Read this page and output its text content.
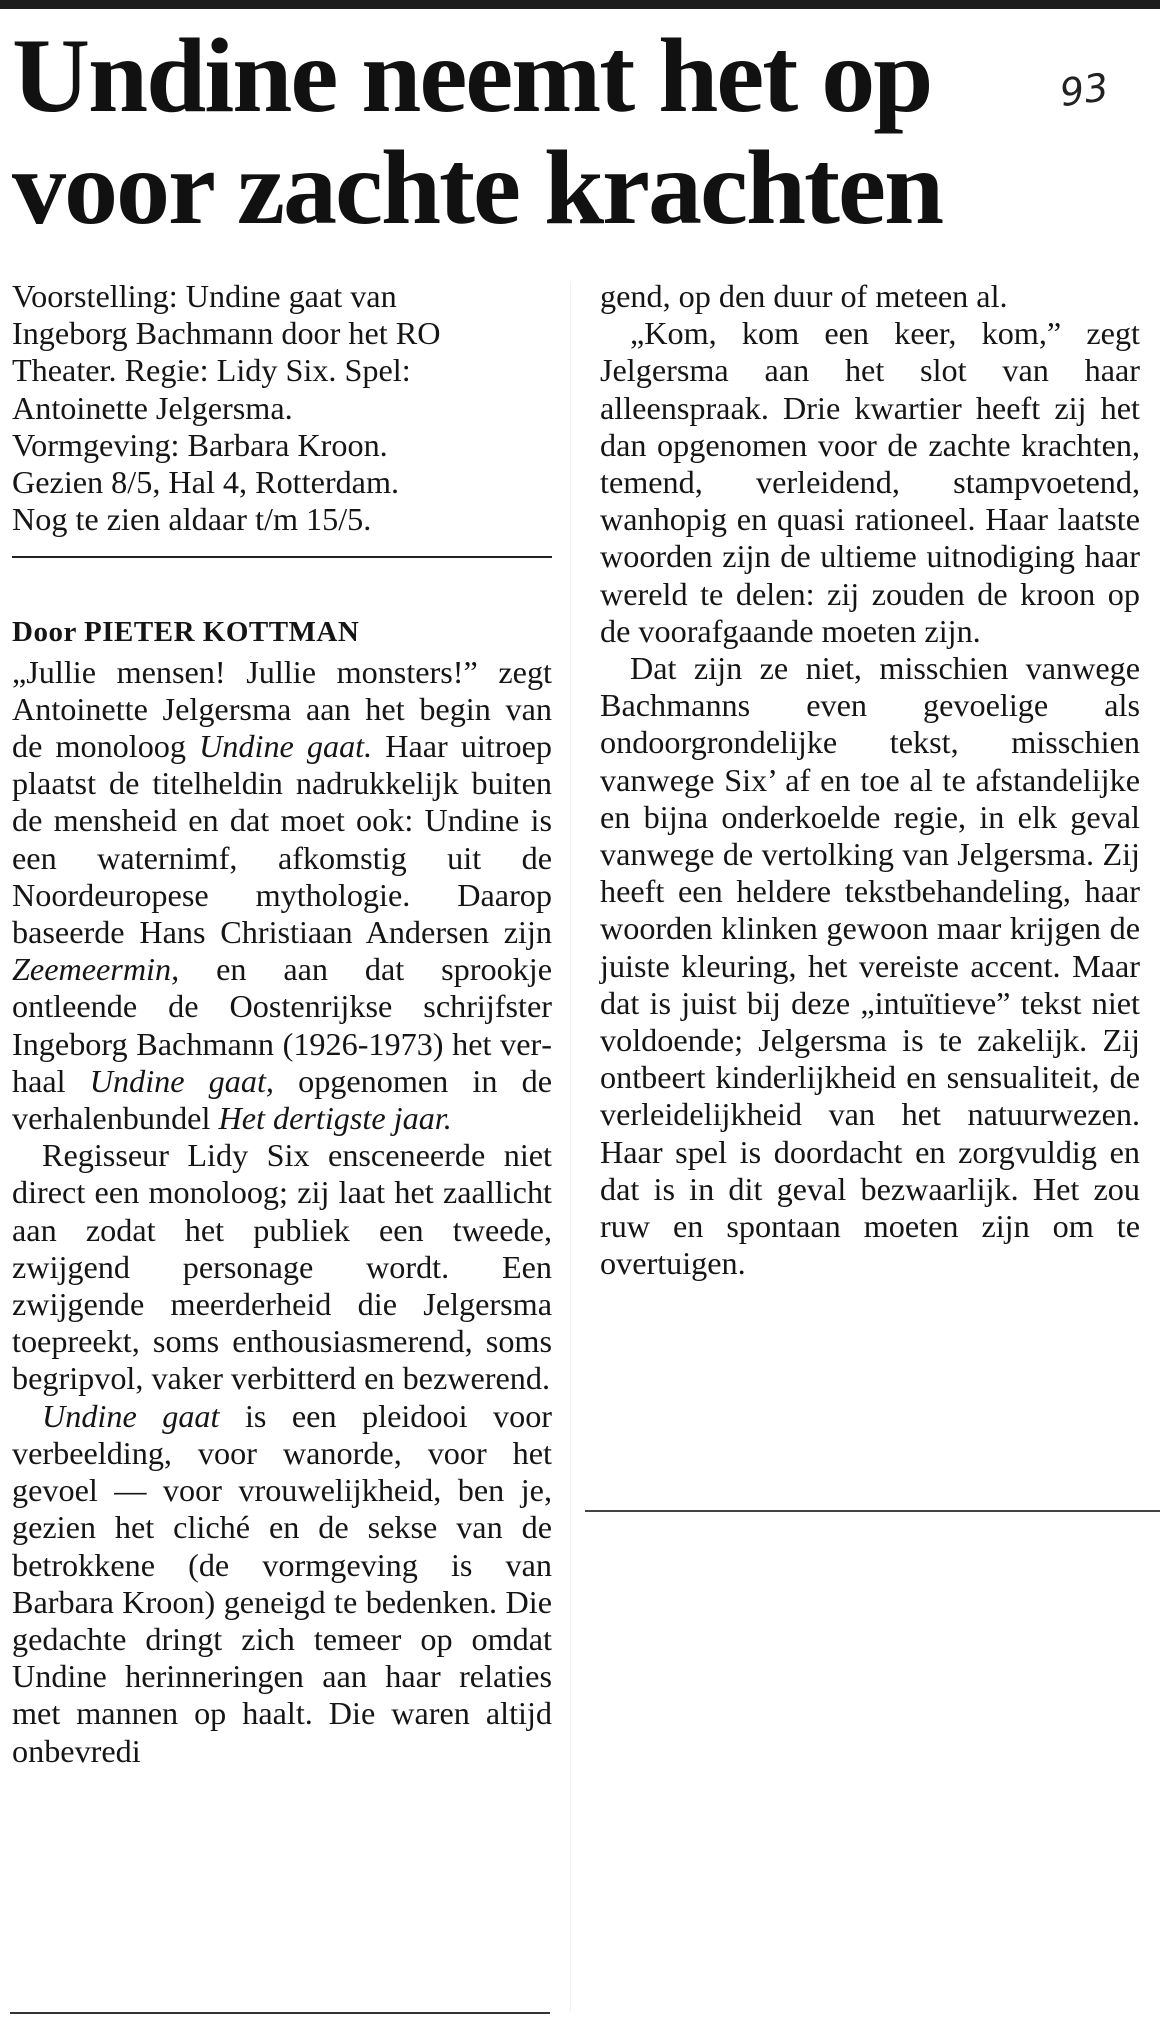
Undine neemt het op
voor zachte krachten
93

Voorstelling: Undine gaat van

Ingeborg Bachmann door het RO

Theater. Regie: Lidy Six. Spel:

Antoinette Jelgersma.

Vormgeving: Barbara Kroon.

Gezien 8/5, Hal 4, Rotterdam.

Nog te zien aldaar t/m 15/5.

Door PIETER KOTTMAN

„Jullie mensen! Jullie monsters!” zegt Antoinette Jelgersma aan het begin van de monoloog Undine gaat. Haar uitroep plaatst de titelheldin nadrukkelijk buiten de mensheid en dat moet ook: Undine is een waternimf, afkomstig uit de Noordeuropese mythologie. Daarop baseerde Hans Christiaan Andersen zijn Zeemeermin, en aan dat sprookje ontleende de Oostenrijkse schrijfster Ingeborg Bachmann (1926-1973) het verhaal Undine gaat, opgenomen in de verhalenbundel Het dertigste jaar.

Regisseur Lidy Six ensceneerde niet direct een monoloog; zij laat het zaallicht aan zodat het publiek een tweede, zwijgend personage wordt. Een zwijgende meerderheid die Jelgersma toepreekt, soms enthousiasmerend, soms begripvol, vaker verbitterd en bezwerend.

Undine gaat is een pleidooi voor verbeelding, voor wanorde, voor het gevoel — voor vrouwelijkheid, ben je, gezien het cliché en de sekse van de betrokkene (de vormgeving is van Barbara Kroon) geneigd te bedenken. Die gedachte dringt zich temeer op omdat Undine herinneringen aan haar relaties met mannen op haalt. Die waren altijd onbevredi

gend, op den duur of meteen al.

„Kom, kom een keer, kom,” zegt Jelgersma aan het slot van haar alleenspraak. Drie kwartier heeft zij het dan opgenomen voor de zachte krachten, temend, verleidend, stampvoetend, wanhopig en quasi rationeel. Haar laatste woorden zijn de ultieme uitnodiging haar wereld te delen: zij zouden de kroon op de voorafgaande moeten zijn.

Dat zijn ze niet, misschien vanwege Bachmanns even gevoelige als ondoorgrondelijke tekst, misschien vanwege Six’ af en toe al te afstandelijke en bijna onderkoelde regie, in elk geval vanwege de vertolking van Jelgersma. Zij heeft een heldere tekstbehandeling, haar woorden klinken gewoon maar krijgen de juiste kleuring, het vereiste accent. Maar dat is juist bij deze „intuïtieve” tekst niet voldoende; Jelgersma is te zakelijk. Zij ontbeert kinderlijkheid en sensualiteit, de verleidelijkheid van het natuurwezen. Haar spel is doordacht en zorgvuldig en dat is in dit geval bezwaarlijk. Het zou ruw en spontaan moeten zijn om te overtuigen.
